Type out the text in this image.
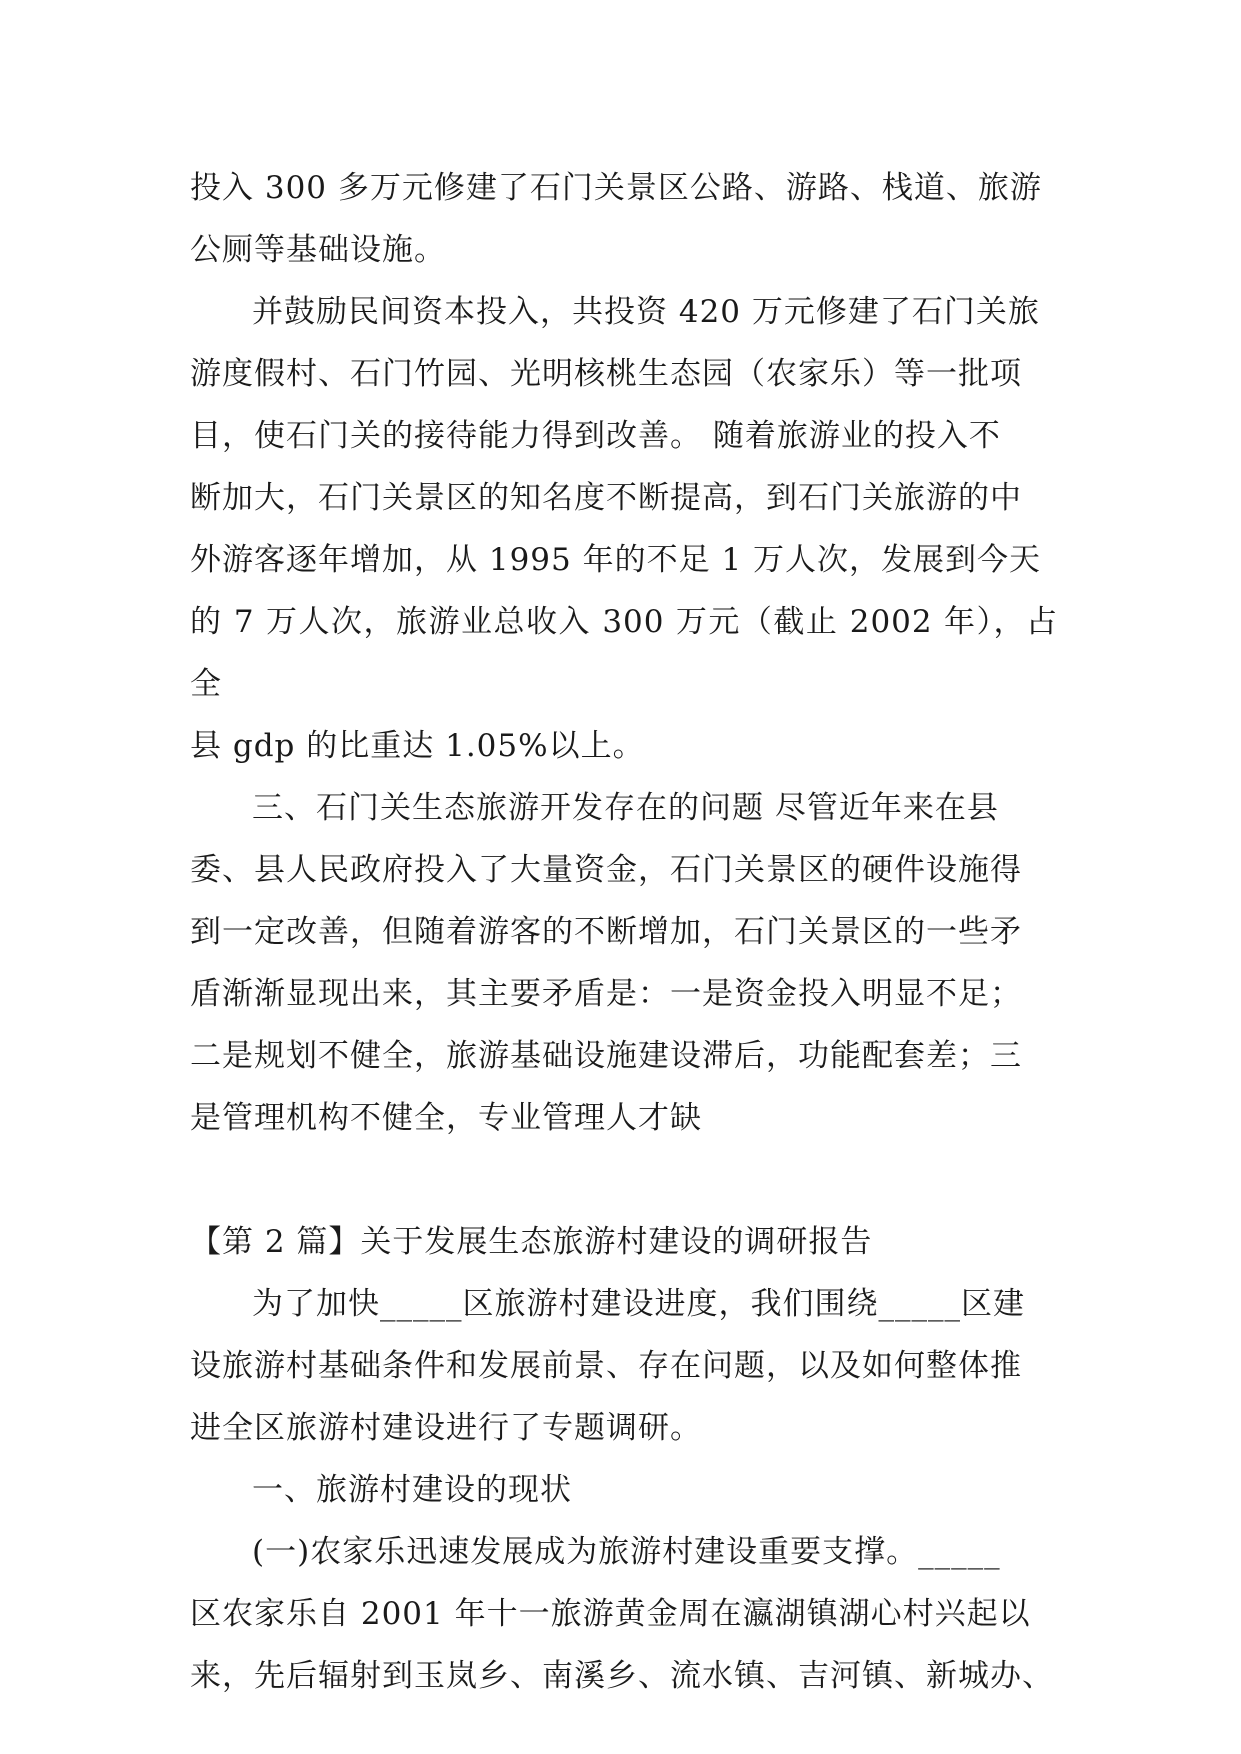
投入 300 多万元修建了石门关景区公路、游路、栈道、旅游
公厕等基础设施。

并鼓励民间资本投入，共投资 420 万元修建了石门关旅
游度假村、石门竹园、光明核桃生态园（农家乐）等一批项
目，使石门关的接待能力得到改善。 随着旅游业的投入不
断加大，石门关景区的知名度不断提高，到石门关旅游的中
外游客逐年增加，从 1995 年的不足 1 万人次，发展到今天
的 7 万人次，旅游业总收入 300 万元（截止 2002 年），占全
县 gdp 的比重达 1.05%以上。

三、石门关生态旅游开发存在的问题 尽管近年来在县
委、县人民政府投入了大量资金，石门关景区的硬件设施得
到一定改善，但随着游客的不断增加，石门关景区的一些矛
盾渐渐显现出来，其主要矛盾是：一是资金投入明显不足；
二是规划不健全，旅游基础设施建设滞后，功能配套差；三
是管理机构不健全，专业管理人才缺

【第 2 篇】关于发展生态旅游村建设的调研报告

为了加快_____区旅游村建设进度，我们围绕_____区建
设旅游村基础条件和发展前景、存在问题，以及如何整体推
进全区旅游村建设进行了专题调研。

一、旅游村建设的现状

(一)农家乐迅速发展成为旅游村建设重要支撑。_____
区农家乐自 2001 年十一旅游黄金周在瀛湖镇湖心村兴起以
来，先后辐射到玉岚乡、南溪乡、流水镇、吉河镇、新城办、
